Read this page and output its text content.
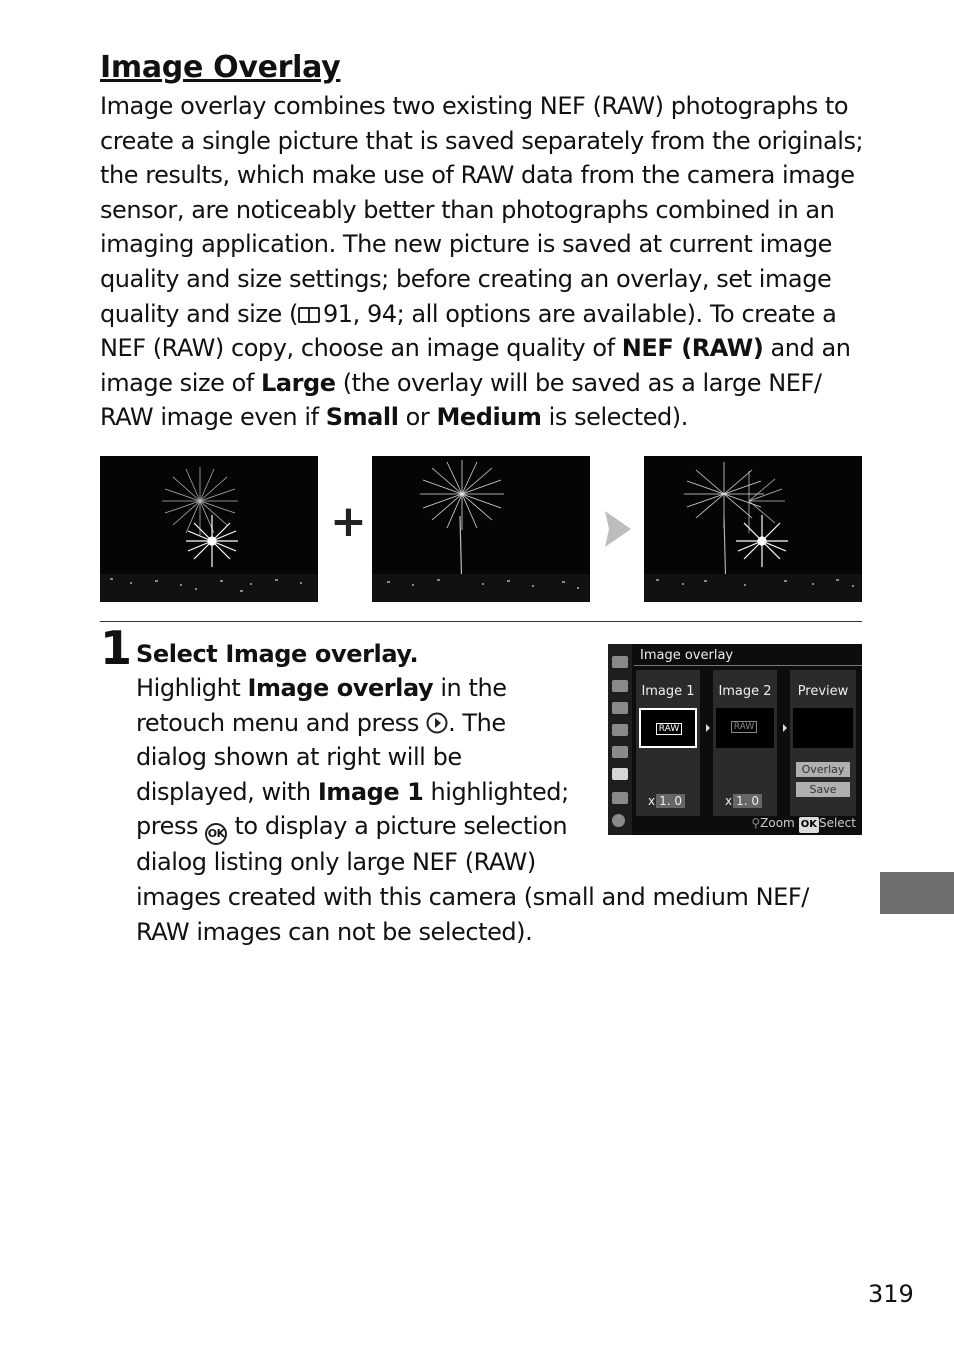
Image Overlay

Image overlay combines two existing NEF (RAW) photographs to create a single picture that is saved separately from the originals; the results, which make use of RAW data from the camera image sensor, are noticeably better than photographs combined in an imaging application. The new picture is saved at current image quality and size settings; before creating an overlay, set image quality and size ( 91, 94; all options are available). To create a NEF (RAW) copy, choose an image quality of NEF (RAW) and an image size of Large (the overlay will be saved as a large NEF/ RAW image even if Small or Medium is selected).

+
1 Select Image overlay.
Highlight Image overlay in the
retouch menu and press . The
dialog shown at right will be
displayed, with Image 1 highlighted;
press OK to display a picture selection
dialog listing only large NEF (RAW)
images created with this camera (small and medium NEF/
RAW images can not be selected).
Image overlay
Image 1
RAW
x 1. 0
Image 2
RAW
x 1. 0
Preview
Overlay
Save
⚲Zoom OK Select
319
